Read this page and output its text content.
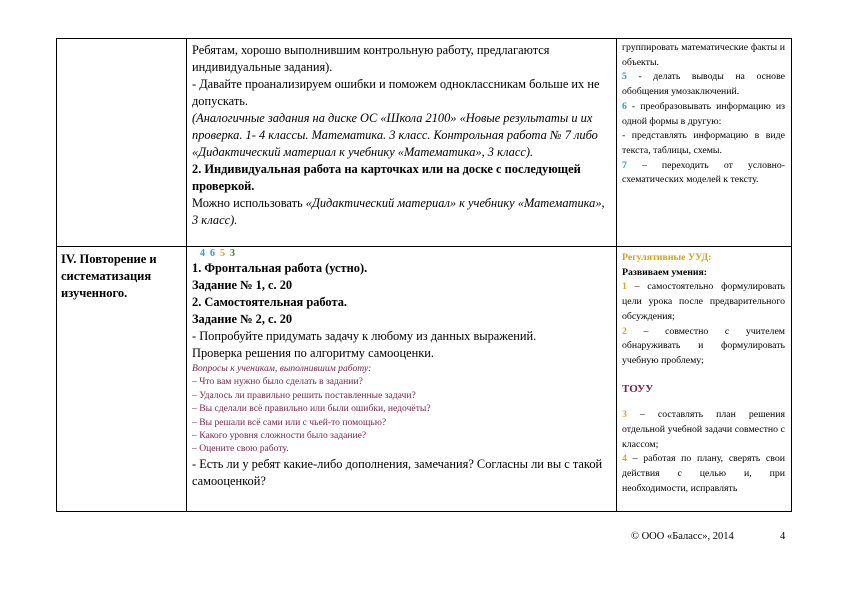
Ребятам, хорошо выполнившим контрольную работу, предлагаются индивидуальные задания).

- Давайте проанализируем ошибки и поможем одноклассникам больше их не допускать.

(Аналогичные задания на диске ОС «Школа 2100» «Новые результаты и их проверка. 1- 4 классы. Математика. 3 класс. Контрольная работа № 7 либо «Дидактический материал к учебнику «Математика», 3 класс).

2. Индивидуальная работа на карточках или на доске с последующей проверкой.

Можно использовать «Дидактический материал» к учебнику «Математика», 3 класс).

группировать математические факты и объекты.

5 - делать выводы на основе обобщения умозаключений.

6 - преобразовывать информацию из одной формы в другую:

- представлять информацию в виде текста, таблицы, схемы.

7 – переходить от условно-схематических моделей к тексту.

IV. Повторение и систематизация изученного.

4 6 5 3

1. Фронтальная работа (устно).

Задание № 1, с. 20

2. Самостоятельная работа.

Задание № 2, с. 20

- Попробуйте придумать задачу к любому из данных выражений.

Проверка решения по алгоритму самооценки.

Вопросы к ученикам, выполнившим работу:

– Что вам нужно было сделать в задании?

– Удалось ли правильно решить поставленные задачи?

– Вы сделали всё правильно или были ошибки, недочёты?

– Вы решали всё сами или с чьей-то помощью?

– Какого уровня сложности было задание?

– Оцените свою работу.

- Есть ли у ребят какие-либо дополнения, замечания? Согласны ли вы с такой самооценкой?

Регулятивные УУД:

Развиваем умения:

1 – самостоятельно формулировать цели урока после предварительного обсуждения;

2 – совместно с учителем обнаруживать и формулировать учебную проблему;

ТОУУ

3 – составлять план решения отдельной учебной задачи совместно с классом;

4 – работая по плану, сверять свои действия с целью и, при необходимости, исправлять

© ООО «Баласс», 2014	4
